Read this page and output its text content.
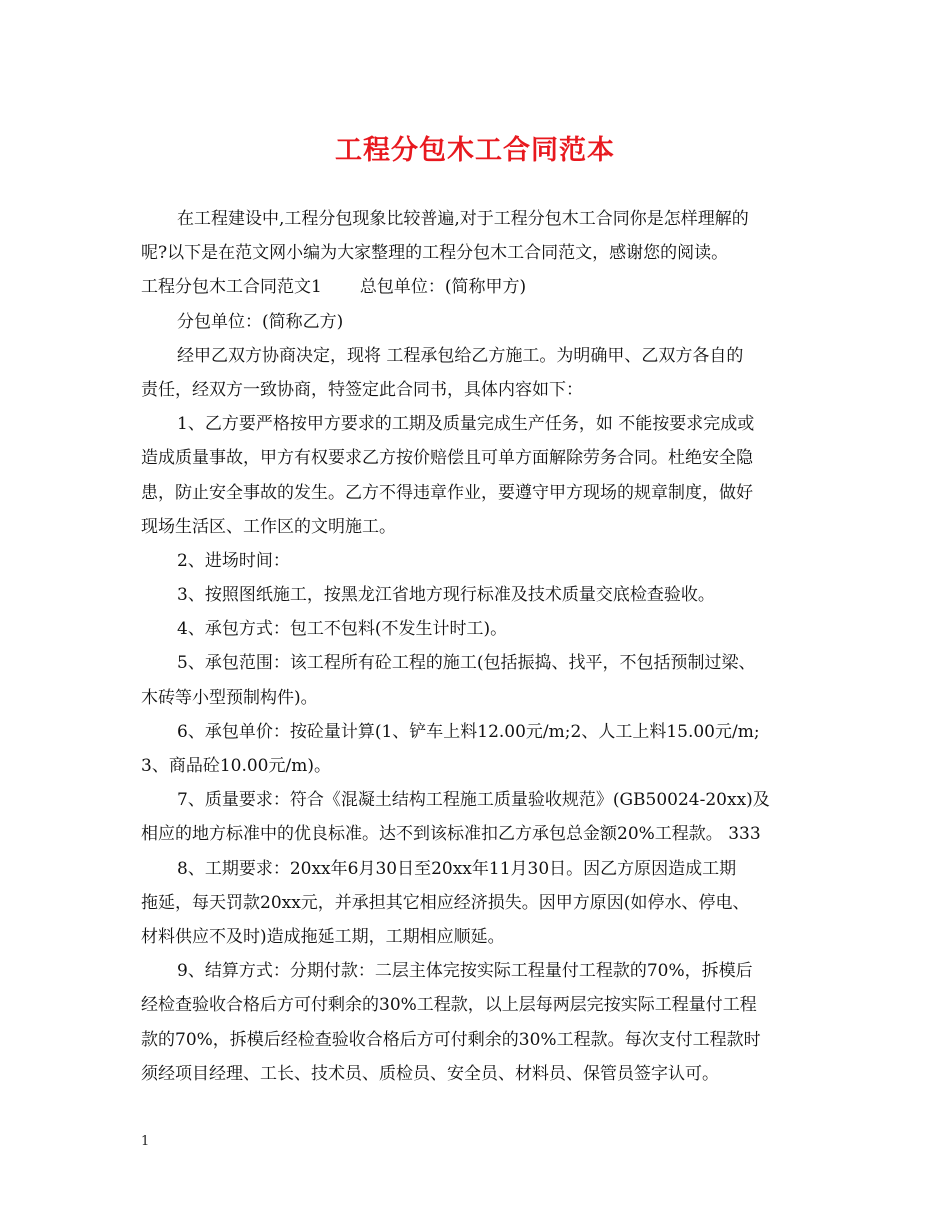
工程分包木工合同范本
在工程建设中,工程分包现象比较普遍,对于工程分包木工合同你是怎样理解的
呢?以下是在范文网小编为大家整理的工程分包木工合同范文，感谢您的阅读。
工程分包木工合同范文1 总包单位：(简称甲方)
分包单位：(简称乙方)
经甲乙双方协商决定，现将 工程承包给乙方施工。为明确甲、乙双方各自的
责任，经双方一致协商，特签定此合同书，具体内容如下：
1、乙方要严格按甲方要求的工期及质量完成生产任务，如 不能按要求完成或
造成质量事故，甲方有权要求乙方按价赔偿且可单方面解除劳务合同。杜绝安全隐
患，防止安全事故的发生。乙方不得违章作业，要遵守甲方现场的规章制度，做好
现场生活区、工作区的文明施工。
2、进场时间：
3、按照图纸施工，按黑龙江省地方现行标准及技术质量交底检查验收。
4、承包方式：包工不包料(不发生计时工)。
5、承包范围：该工程所有砼工程的施工(包括振捣、找平，不包括预制过梁、
木砖等小型预制构件)。
6、承包单价：按砼量计算(1、铲车上料12.00元/m;2、人工上料15.00元/m;
3、商品砼10.00元/m)。
7、质量要求：符合《混凝土结构工程施工质量验收规范》(GB50024-20xx)及
相应的地方标准中的优良标准。达不到该标准扣乙方承包总金额20%工程款。 333
8、工期要求：20xx年6月30日至20xx年11月30日。因乙方原因造成工期
拖延，每天罚款20xx元，并承担其它相应经济损失。因甲方原因(如停水、停电、
材料供应不及时)造成拖延工期，工期相应顺延。
9、结算方式：分期付款：二层主体完按实际工程量付工程款的70%，拆模后
经检查验收合格后方可付剩余的30%工程款，以上层每两层完按实际工程量付工程
款的70%，拆模后经检查验收合格后方可付剩余的30%工程款。每次支付工程款时
须经项目经理、工长、技术员、质检员、安全员、材料员、保管员签字认可。
1
